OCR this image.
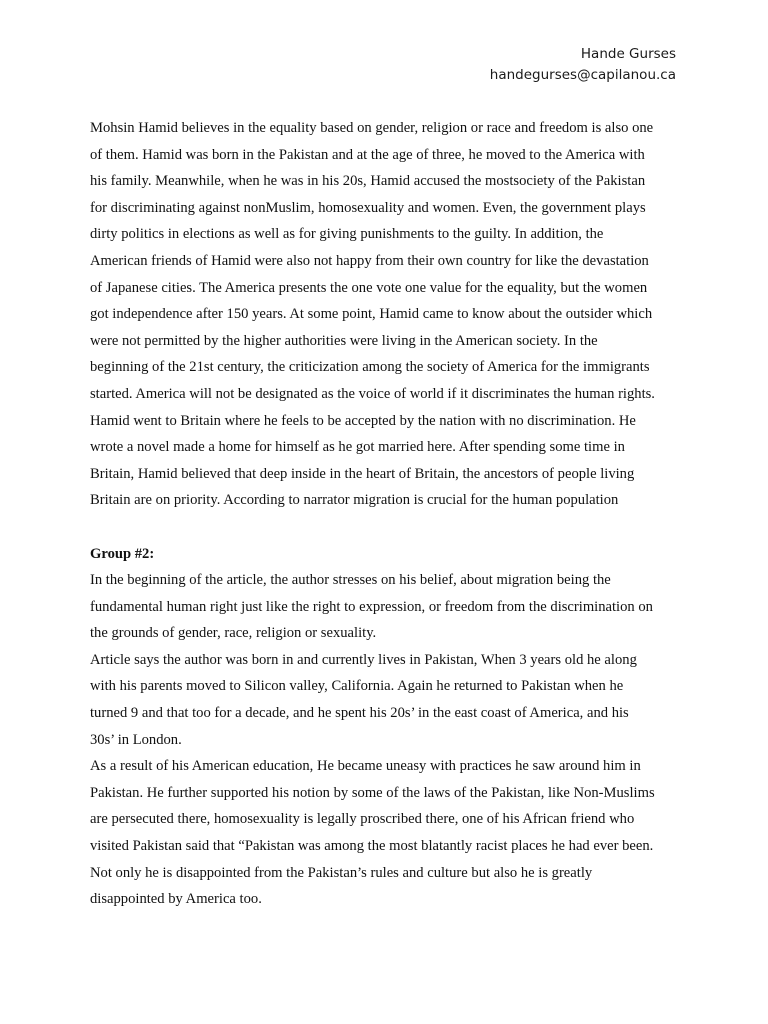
Hande Gurses
handegurses@capilanou.ca

Mohsin Hamid believes in the equality based on gender, religion or race and freedom is also one

of them. Hamid was born in the Pakistan and at the age of three, he moved to the America with

his family. Meanwhile, when he was in his 20s, Hamid accused the mostsociety of the Pakistan

for discriminating against nonMuslim, homosexuality and women. Even, the government plays

dirty politics in elections as well as for giving punishments to the guilty. In addition, the

American friends of Hamid were also not happy from their own country for like the devastation

of Japanese cities. The America presents the one vote one value for the equality, but the women

got independence after 150 years. At some point, Hamid came to know about the outsider which

were not permitted by the higher authorities were living in the American society. In the

beginning of the 21st century, the criticization among the society of America for the immigrants

started. America will not be designated as the voice of world if it discriminates the human rights.

Hamid went to Britain where he feels to be accepted by the nation with no discrimination. He

wrote a novel made a home for himself as he got married here. After spending some time in

Britain, Hamid believed that deep inside in the heart of Britain, the ancestors of people living

Britain are on priority. According to narrator migration is crucial for the human population

Group #2:

In the beginning of the article, the author stresses on his belief, about migration being the

fundamental human right just like the right to expression, or freedom from the discrimination on

the grounds of gender, race, religion or sexuality.

Article says the author was born in and currently lives in Pakistan, When 3 years old he along

with his parents moved to Silicon valley, California. Again he returned to Pakistan when he

turned 9 and that too for a decade, and he spent his 20s’ in the east coast of America, and his

30s’ in London.

As a result of his American education, He became uneasy with practices he saw around him in

Pakistan. He further supported his notion by some of the laws of the Pakistan, like Non-Muslims

are persecuted there, homosexuality is legally proscribed there, one of his African friend who

visited Pakistan said that “Pakistan was among the most blatantly racist places he had ever been.

Not only he is disappointed from the Pakistan’s rules and culture but also he is greatly

disappointed by America too.
